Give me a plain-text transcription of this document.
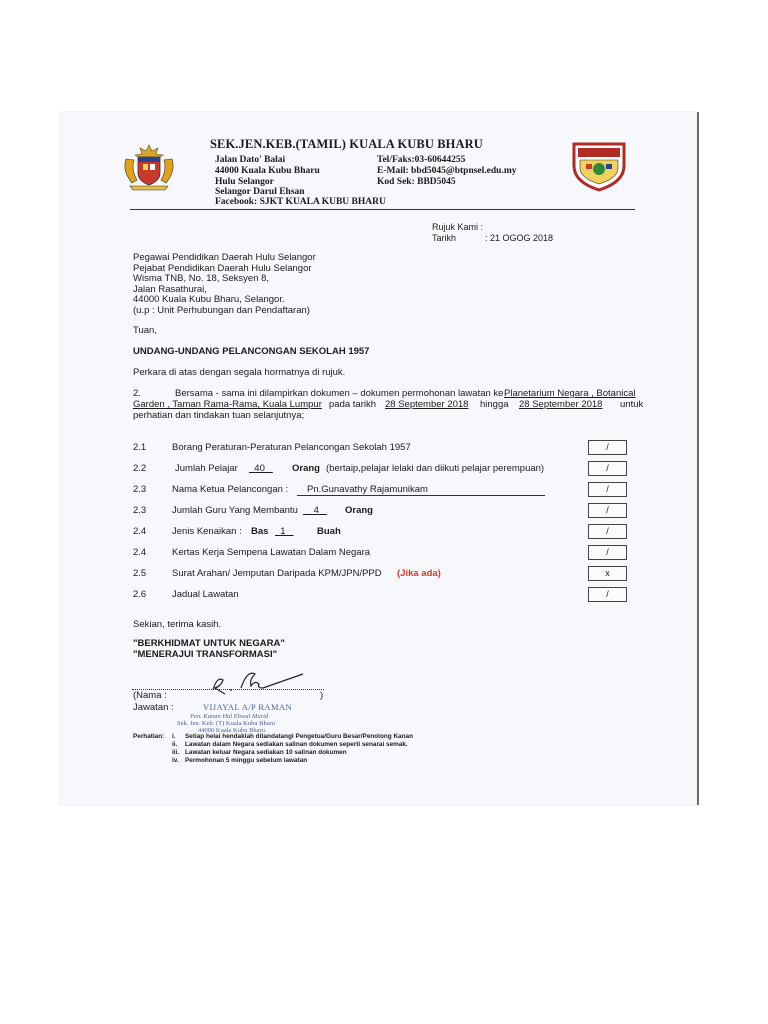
SEK.JEN.KEB.(TAMIL) KUALA KUBU BHARU
Jalan Dato' Balai
44000 Kuala Kubu Bharu
Hulu Selangor
Selangor Darul Ehsan
Facebook: SJKT KUALA KUBU BHARU
Tel/Faks:03-60644255
E-Mail: bbd5045@btpnsel.edu.my
Kod Sek: BBD5045
Rujuk Kami :
Tarikh	: 21 OGOG 2018
Pegawai Pendidikan Daerah Hulu Selangor
Pejabat Pendidikan Daerah Hulu Selangor
Wisma TNB, No. 18, Seksyen 8,
Jalan Rasathurai,
44000 Kuala Kubu Bharu, Selangor.
(u.p : Unit Perhubungan dan Pendaftaran)
Tuan,
UNDANG-UNDANG PELANCONGAN SEKOLAH 1957
Perkara di atas dengan segala hormatnya di rujuk.
2.	Bersama - sama ini dilampirkan dokumen – dokumen permohonan lawatan ke Planetarium Negara , Botanical
Garden , Taman Rama-Rama, Kuala Lumpur pada tarikh 28 September 2018 hingga 28 September 2018 untuk
perhatian dan tindakan tuan selanjutnya;
2.1	Borang Peraturan-Peraturan Pelancongan Sekolah 1957	/
2.2	Jumlah Pelajar	40	Orang (bertaip,pelajar lelaki dan diikuti pelajar perempuan)	/
2.3	Nama Ketua Pelancongan :	Pn.Gunavathy Rajamunikam	/
2.3	Jumlah Guru Yang Membantu	4	Orang	/
2.4	Jenis Kenaikan : Bas	1	Buah	/
2.4	Kertas Kerja Sempena Lawatan Dalam Negara	/
2.5	Surat Arahan/ Jemputan Daripada KPM/JPN/PPD (Jika ada)	x
2.6	Jadual Lawatan	/
Sekian, terima kasih.
"BERKHIDMAT UNTUK NEGARA"
"MENERAJUI TRANSFORMASI"
(Nama :	)
Jawatan :	VIJAYAL A/P RAMAN
Pen. Kanan Hal Ehwal Murid
Sek. Jen. Keb. (T) Kuala Kubu Bharu
44000 Kuala Kubu Bharu
Perhatian: i. Setiap helai hendaklah ditandatangi Pengetua/Guru Besar/Penolong Kanan
ii. Lawatan dalam Negara sediakan salinan dokumen seperti senarai semak.
iii. Lawatan keluar Negara sediakan 10 salinan dokumen
iv. Permohonan 5 minggu sebelum lawatan
